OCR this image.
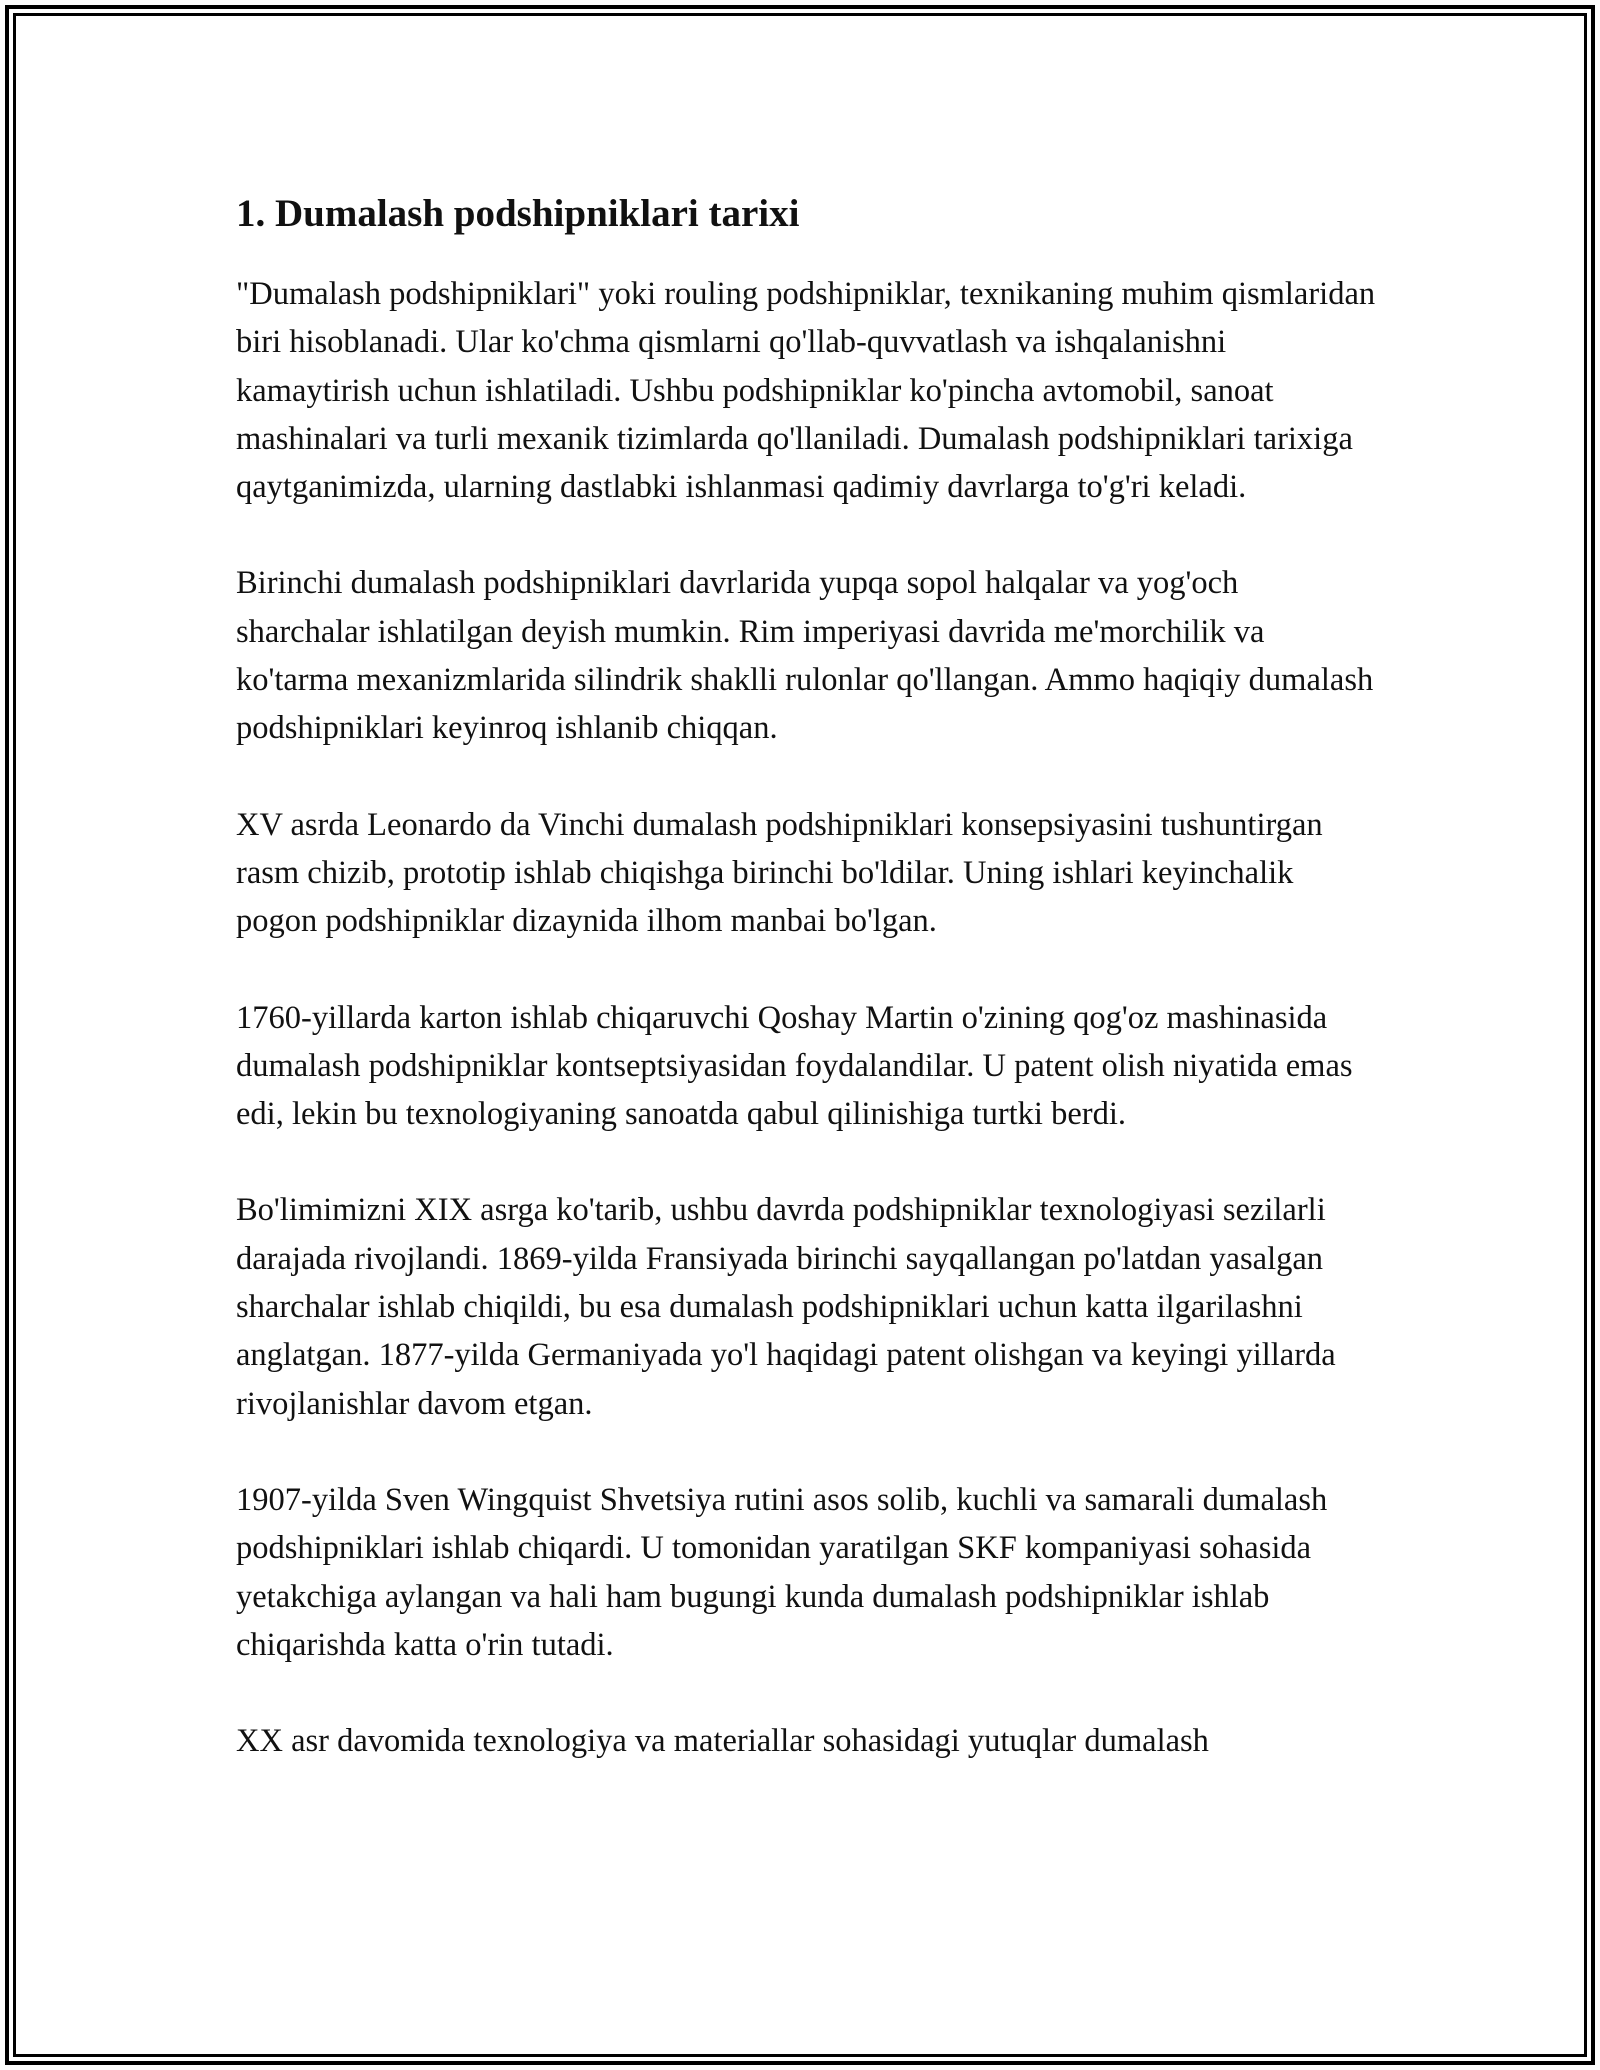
1. Dumalash podshipniklari tarixi

"Dumalash podshipniklari" yoki rouling podshipniklar, texnikaning muhim qismlaridan biri hisoblanadi. Ular ko'chma qismlarni qo'llab-quvvatlash va ishqalanishni kamaytirish uchun ishlatiladi. Ushbu podshipniklar ko'pincha avtomobil, sanoat mashinalari va turli mexanik tizimlarda qo'llaniladi. Dumalash podshipniklari tarixiga qaytganimizda, ularning dastlabki ishlanmasi qadimiy davrlarga to'g'ri keladi.

Birinchi dumalash podshipniklari davrlarida yupqa sopol halqalar va yog'och sharchalar ishlatilgan deyish mumkin. Rim imperiyasi davrida me'morchilik va ko'tarma mexanizmlarida silindrik shaklli rulonlar qo'llangan. Ammo haqiqiy dumalash podshipniklari keyinroq ishlanib chiqqan.

XV asrda Leonardo da Vinchi dumalash podshipniklari konsepsiyasini tushuntirgan rasm chizib, prototip ishlab chiqishga birinchi bo'ldilar. Uning ishlari keyinchalik pogon podshipniklar dizaynida ilhom manbai bo'lgan.

1760-yillarda karton ishlab chiqaruvchi Qoshay Martin o'zining qog'oz mashinasida dumalash podshipniklar kontseptsiyasidan foydalandilar. U patent olish niyatida emas edi, lekin bu texnologiyaning sanoatda qabul qilinishiga turtki berdi.

Bo'limimizni XIX asrga ko'tarib, ushbu davrda podshipniklar texnologiyasi sezilarli darajada rivojlandi. 1869-yilda Fransiyada birinchi sayqallangan po'latdan yasalgan sharchalar ishlab chiqildi, bu esa dumalash podshipniklari uchun katta ilgarilashni anglatgan. 1877-yilda Germaniyada yo'l haqidagi patent olishgan va keyingi yillarda rivojlanishlar davom etgan.

1907-yilda Sven Wingquist Shvetsiya rutini asos solib, kuchli va samarali dumalash podshipniklari ishlab chiqardi. U tomonidan yaratilgan SKF kompaniyasi sohasida yetakchiga aylangan va hali ham bugungi kunda dumalash podshipniklar ishlab chiqarishda katta o'rin tutadi.

XX asr davomida texnologiya va materiallar sohasidagi yutuqlar dumalash
